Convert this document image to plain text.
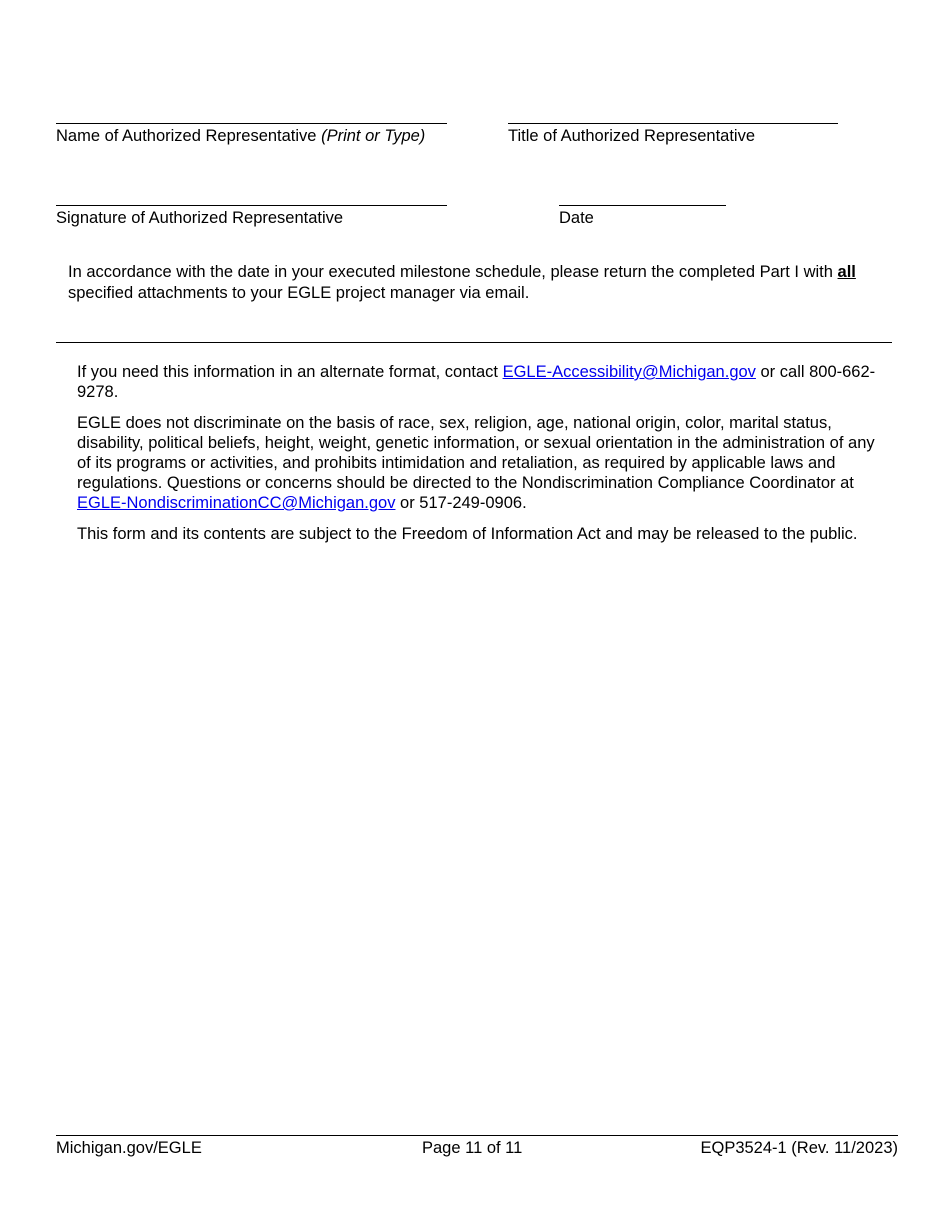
Name of Authorized Representative (Print or Type)	Title of Authorized Representative
Signature of Authorized Representative	Date
In accordance with the date in your executed milestone schedule, please return the completed Part I with all specified attachments to your EGLE project manager via email.

If you need this information in an alternate format, contact EGLE-Accessibility@Michigan.gov or call 800-662-9278.

EGLE does not discriminate on the basis of race, sex, religion, age, national origin, color, marital status, disability, political beliefs, height, weight, genetic information, or sexual orientation in the administration of any of its programs or activities, and prohibits intimidation and retaliation, as required by applicable laws and regulations. Questions or concerns should be directed to the Nondiscrimination Compliance Coordinator at EGLE-NondiscriminationCC@Michigan.gov or 517-249-0906.

This form and its contents are subject to the Freedom of Information Act and may be released to the public.

Michigan.gov/EGLE	Page 11 of 11	EQP3524-1 (Rev. 11/2023)
